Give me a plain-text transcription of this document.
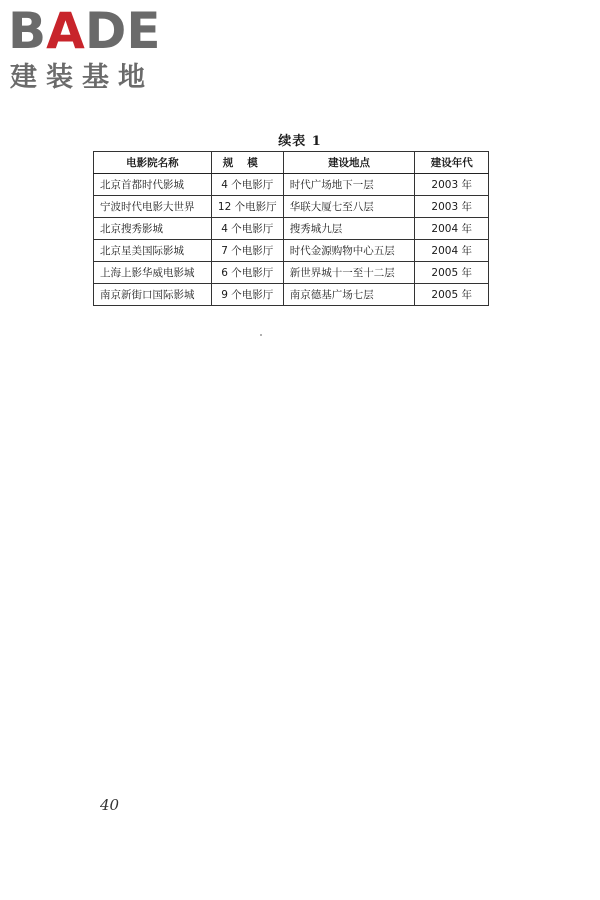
BADE
建装基地
续表 1
电影院名称	规模	建设地点	建设年代
北京首都时代影城	4 个电影厅	时代广场地下一层	2003 年
宁波时代电影大世界	12 个电影厅	华联大厦七至八层	2003 年
北京搜秀影城	4 个电影厅	搜秀城九层	2004 年
北京星美国际影城	7 个电影厅	时代金源购物中心五层	2004 年
上海上影华威电影城	6 个电影厅	新世界城十一至十二层	2005 年
南京新街口国际影城	9 个电影厅	南京德基广场七层	2005 年
40
